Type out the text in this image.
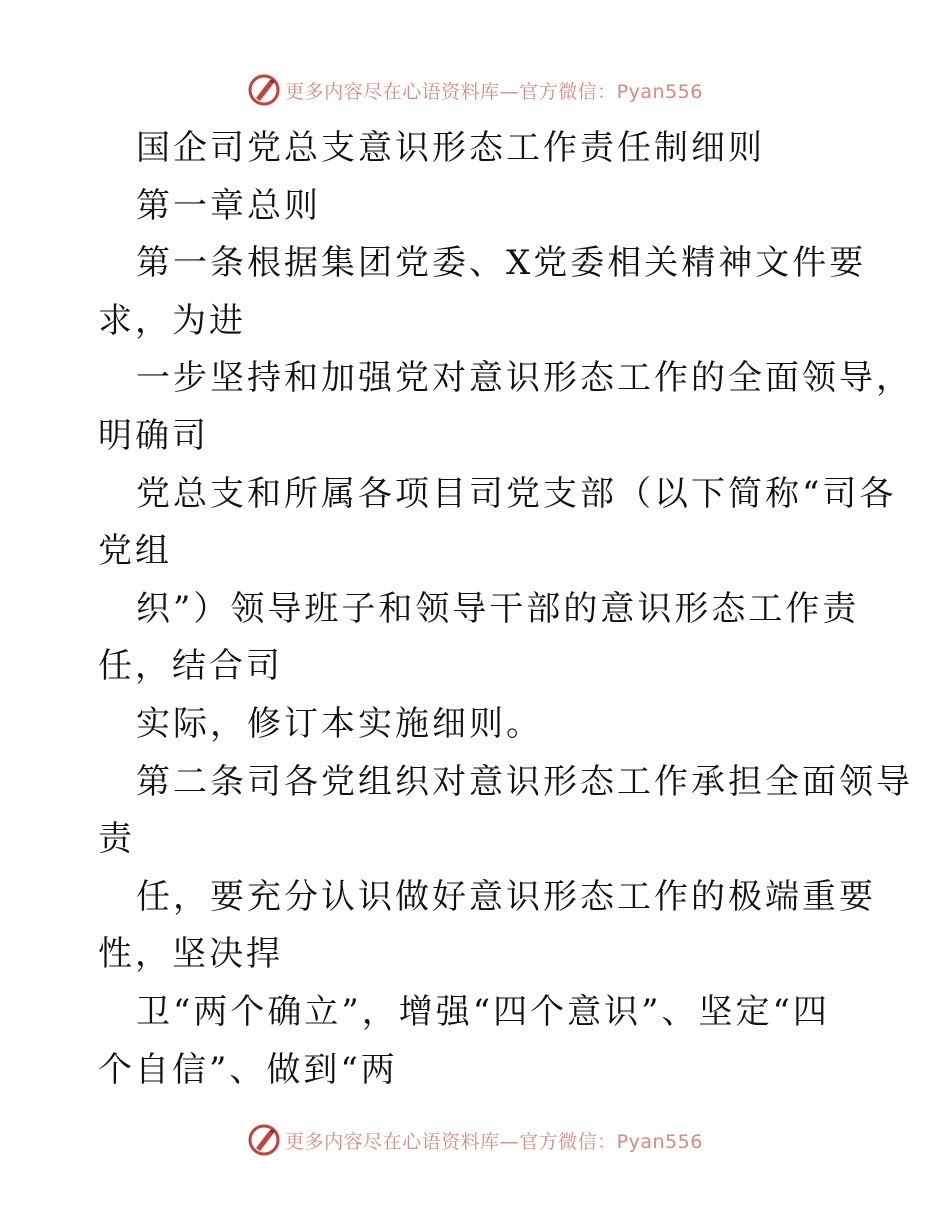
更多内容尽在心语资料库—官方微信：Pyan556
国企司党总支意识形态工作责任制细则
第一章总则
第一条根据集团党委、X党委相关精神文件要
求，为进
一步坚持和加强党对意识形态工作的全面领导，
明确司
党总支和所属各项目司党支部（以下简称“司各
党组
织”）领导班子和领导干部的意识形态工作责
任，结合司
实际，修订本实施细则。
第二条司各党组织对意识形态工作承担全面领导
责
任，要充分认识做好意识形态工作的极端重要
性，坚决捍
卫“两个确立”，增强“四个意识”、坚定“四
个自信”、做到“两
更多内容尽在心语资料库—官方微信：Pyan556
